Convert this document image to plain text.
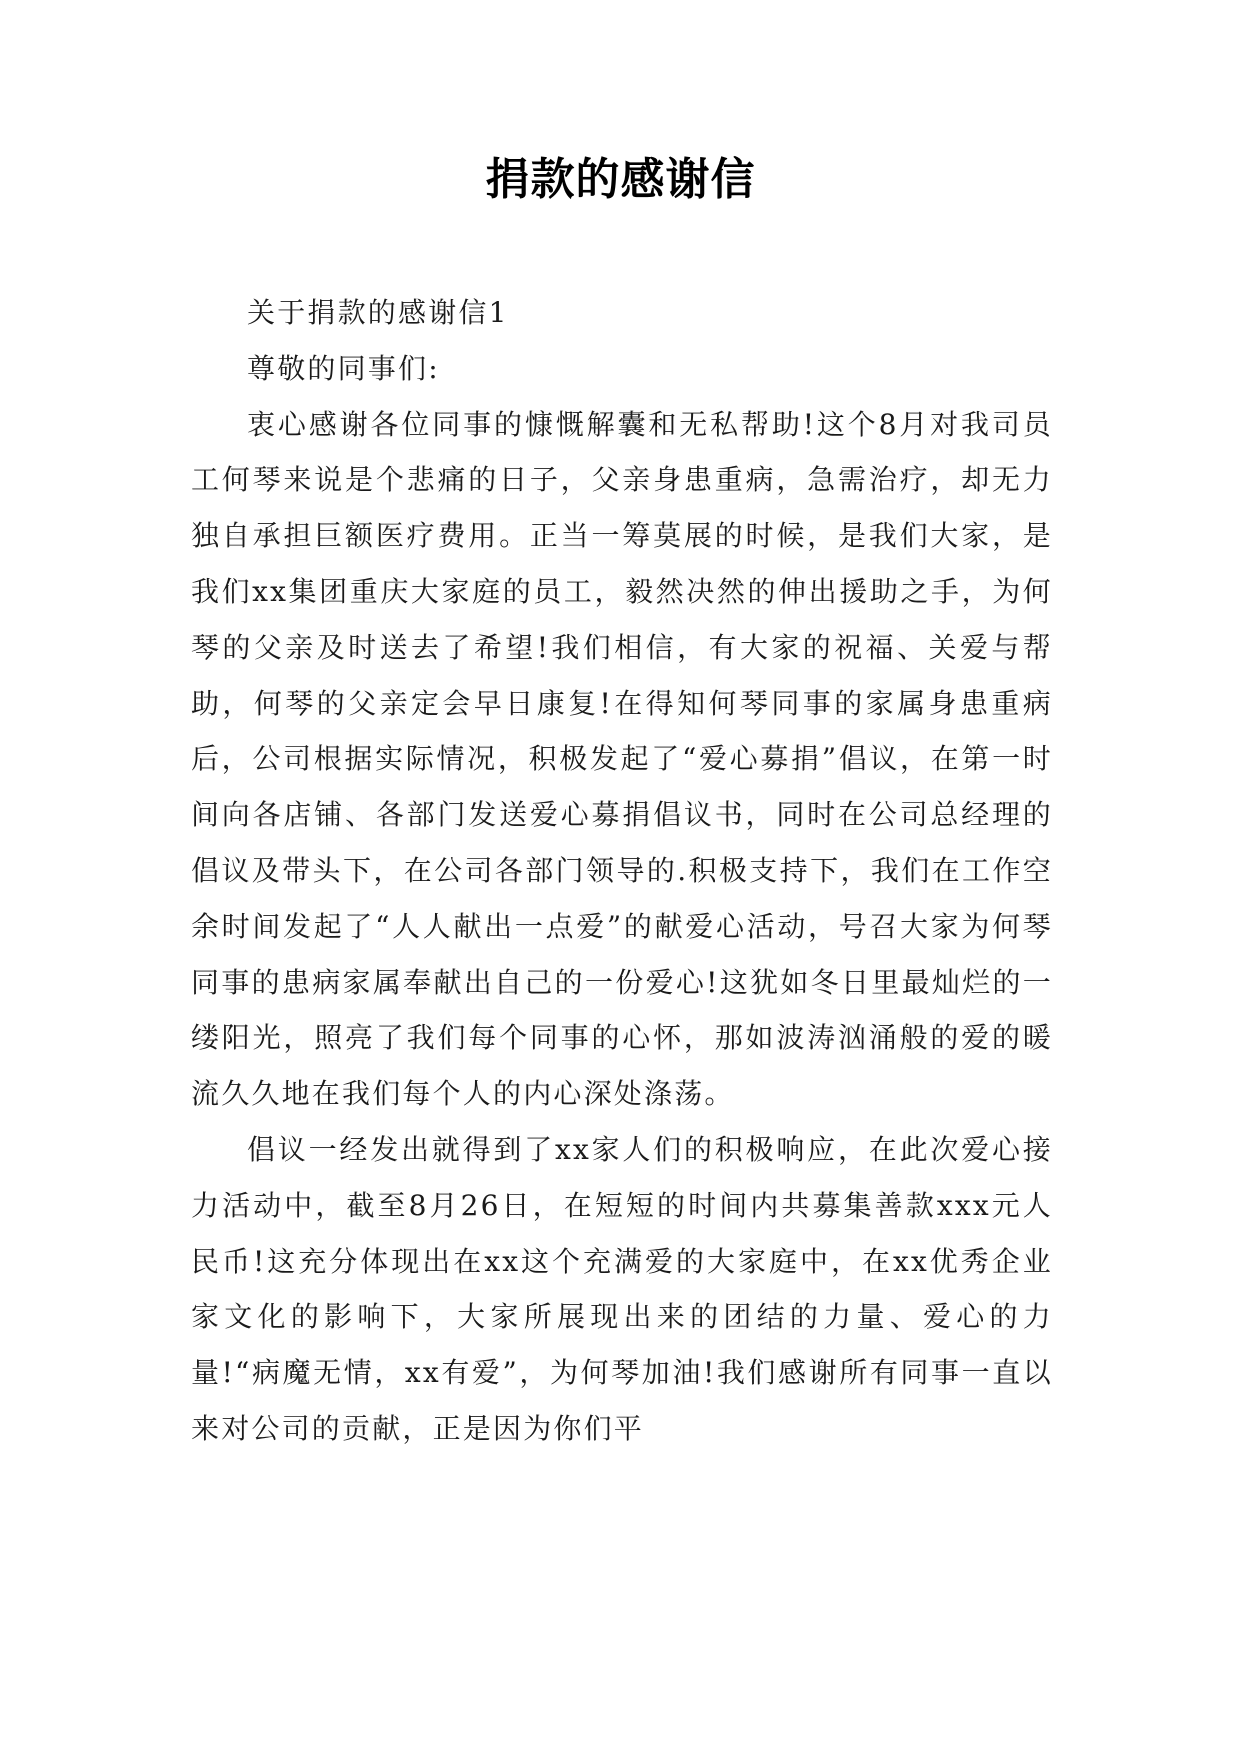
捐款的感谢信

关于捐款的感谢信1

尊敬的同事们:

衷心感谢各位同事的慷慨解囊和无私帮助!这个8月对我司员工何琴来说是个悲痛的日子，父亲身患重病，急需治疗，却无力独自承担巨额医疗费用。正当一筹莫展的时候，是我们大家，是我们xx集团重庆大家庭的员工，毅然决然的伸出援助之手，为何琴的父亲及时送去了希望!我们相信，有大家的祝福、关爱与帮助，何琴的父亲定会早日康复!在得知何琴同事的家属身患重病后，公司根据实际情况，积极发起了“爱心募捐”倡议，在第一时间向各店铺、各部门发送爱心募捐倡议书，同时在公司总经理的倡议及带头下，在公司各部门领导的.积极支持下，我们在工作空余时间发起了“人人献出一点爱”的献爱心活动，号召大家为何琴同事的患病家属奉献出自己的一份爱心!这犹如冬日里最灿烂的一缕阳光，照亮了我们每个同事的心怀，那如波涛汹涌般的爱的暖流久久地在我们每个人的内心深处涤荡。

倡议一经发出就得到了xx家人们的积极响应，在此次爱心接力活动中，截至8月26日，在短短的时间内共募集善款xxx元人民币!这充分体现出在xx这个充满爱的大家庭中，在xx优秀企业家文化的影响下，大家所展现出来的团结的力量、爱心的力量!“病魔无情，xx有爱”，为何琴加油!我们感谢所有同事一直以来对公司的贡献，正是因为你们平
